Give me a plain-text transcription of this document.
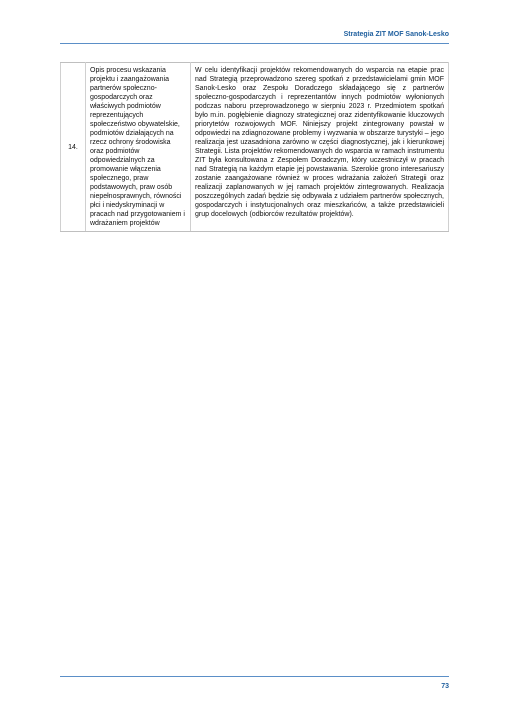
Strategia ZIT MOF Sanok-Lesko
14.	Opis procesu wskazania projektu i zaangażowania partnerów społeczno-gospodarczych oraz właściwych podmiotów reprezentujących społeczeństwo obywatelskie, podmiotów działających na rzecz ochrony środowiska oraz podmiotów odpowiedzialnych za promowanie włączenia społecznego, praw podstawowych, praw osób niepełnosprawnych, równości płci i niedyskryminacji w pracach nad przygotowaniem i wdrażaniem projektów	W celu identyfikacji projektów rekomendowanych do wsparcia na etapie prac nad Strategią przeprowadzono szereg spotkań z przedstawicielami gmin MOF Sanok-Lesko oraz Zespołu Doradczego składającego się z partnerów społeczno-gospodarczych i reprezentantów innych podmiotów wyłonionych podczas naboru przeprowadzonego w sierpniu 2023 r. Przedmiotem spotkań było m.in. pogłębienie diagnozy strategicznej oraz zidentyfikowanie kluczowych priorytetów rozwojowych MOF. Niniejszy projekt zintegrowany powstał w odpowiedzi na zdiagnozowane problemy i wyzwania w obszarze turystyki – jego realizacja jest uzasadniona zarówno w części diagnostycznej, jak i kierunkowej Strategii. Lista projektów rekomendowanych do wsparcia w ramach instrumentu ZIT była konsultowana z Zespołem Doradczym, który uczestniczył w pracach nad Strategią na każdym etapie jej powstawania. Szerokie grono interesariuszy zostanie zaangażowane również w proces wdrażania założeń Strategii oraz realizacji zaplanowanych w jej ramach projektów zintegrowanych. Realizacja poszczególnych zadań będzie się odbywała z udziałem partnerów społecznych, gospodarczych i instytucjonalnych oraz mieszkańców, a także przedstawicieli grup docelowych (odbiorców rezultatów projektów).
73
